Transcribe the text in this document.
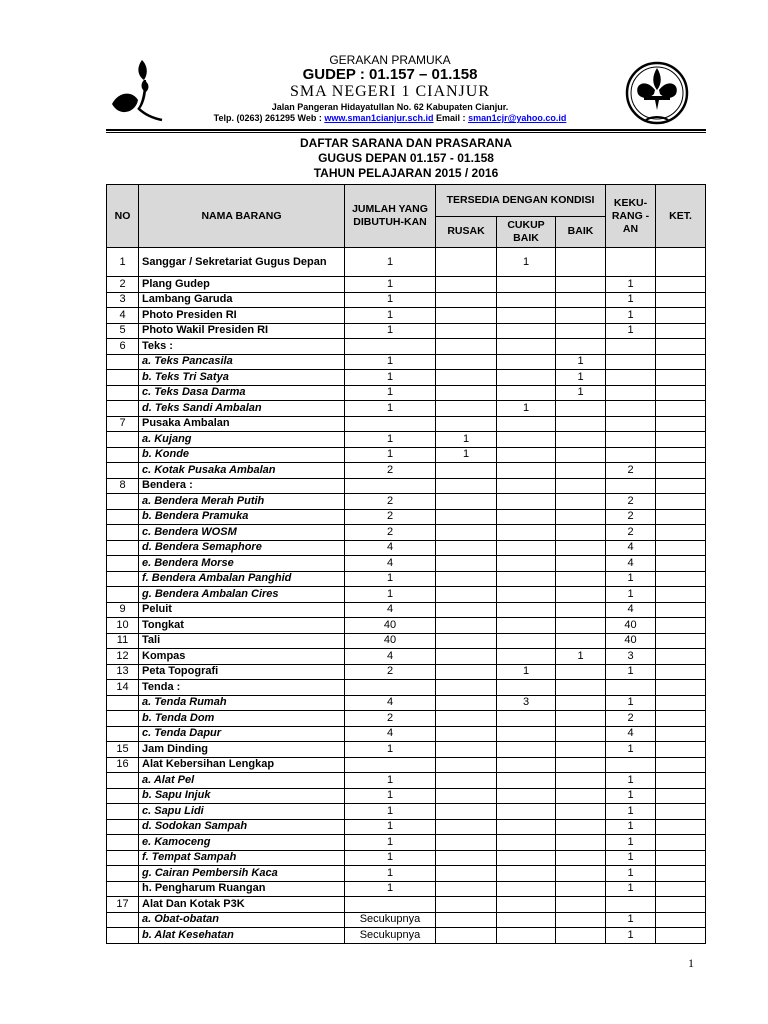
GERAKAN PRAMUKA
GUDEP : 01.157 – 01.158
SMA NEGERI 1 CIANJUR
Jalan Pangeran Hidayatullan No. 62 Kabupaten Cianjur.
Telp. (0263) 261295 Web : www.sman1cianjur.sch.id Email : sman1cjr@yahoo.co.id
DAFTAR SARANA DAN PRASARANA
GUGUS DEPAN 01.157 - 01.158
TAHUN PELAJARAN 2015 / 2016
NO	NAMA BARANG	JUMLAH YANG DIBUTUH-KAN	TERSEDIA DENGAN KONDISI			KEKU-RANG - AN	KET.
			RUSAK	CUKUP BAIK	BAIK		
1	Sanggar / Sekretariat Gugus Depan	1		1			
2	Plang Gudep	1				1	
3	Lambang Garuda	1				1	
4	Photo Presiden RI	1				1	
5	Photo Wakil Presiden RI	1				1	
6	Teks :						
	a. Teks Pancasila	1			1		
	b. Teks Tri Satya	1			1		
	c. Teks Dasa Darma	1			1		
	d. Teks Sandi Ambalan	1		1			
7	Pusaka Ambalan						
	a. Kujang	1	1				
	b. Konde	1	1				
	c. Kotak Pusaka Ambalan	2				2	
8	Bendera :						
	a. Bendera Merah Putih	2				2	
	b. Bendera Pramuka	2				2	
	c. Bendera WOSM	2				2	
	d. Bendera Semaphore	4				4	
	e. Bendera Morse	4				4	
	f. Bendera Ambalan Panghid	1				1	
	g. Bendera Ambalan Cires	1				1	
9	Peluit	4				4	
10	Tongkat	40				40	
11	Tali	40				40	
12	Kompas	4			1	3	
13	Peta Topografi	2		1		1	
14	Tenda :						
	a. Tenda Rumah	4		3		1	
	b. Tenda Dom	2				2	
	c. Tenda Dapur	4				4	
15	Jam Dinding	1				1	
16	Alat Kebersihan Lengkap						
	a. Alat Pel	1				1	
	b. Sapu Injuk	1				1	
	c. Sapu Lidi	1				1	
	d. Sodokan Sampah	1				1	
	e. Kamoceng	1				1	
	f. Tempat Sampah	1				1	
	g. Cairan Pembersih Kaca	1				1	
	h. Pengharum Ruangan	1				1	
17	Alat Dan Kotak P3K						
	a. Obat-obatan	Secukupnya				1	
	b. Alat Kesehatan	Secukupnya				1	
1
